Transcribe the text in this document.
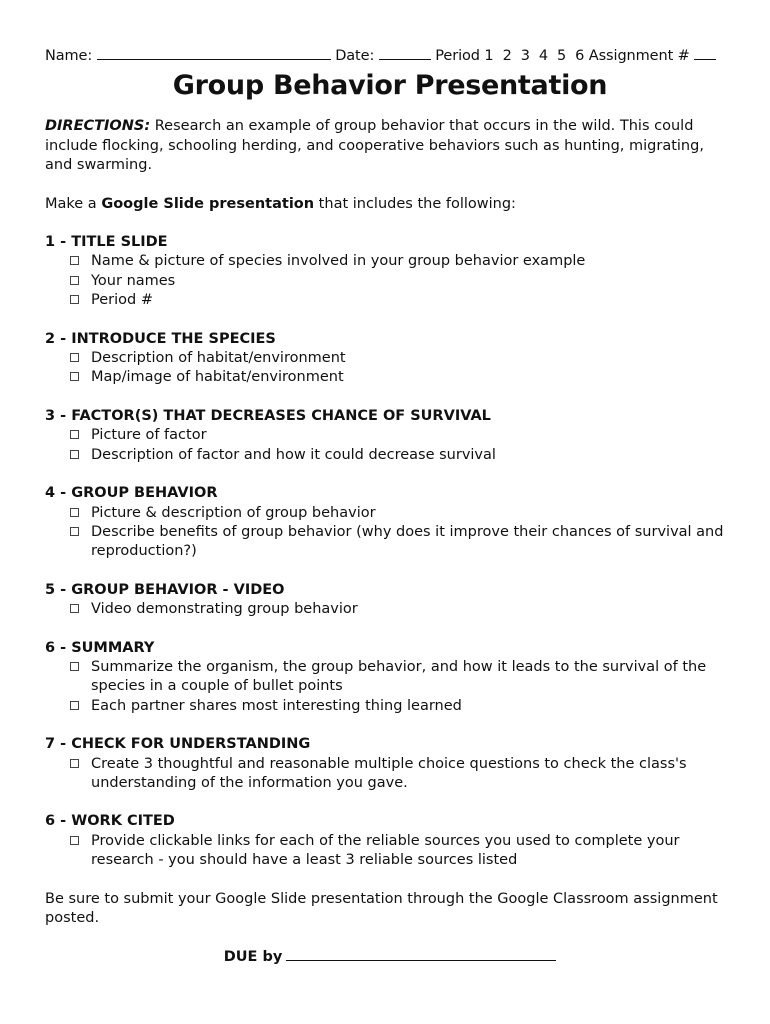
Name:	Date:	Period 1  2  3  4  5  6 Assignment #
Group Behavior Presentation

DIRECTIONS: Research an example of group behavior that occurs in the wild. This could include flocking, schooling herding, and cooperative behaviors such as hunting, migrating, and swarming.

Make a Google Slide presentation that includes the following:

1 - TITLE SLIDE
Name & picture of species involved in your group behavior example
Your names
Period #
2 - INTRODUCE THE SPECIES
Description of habitat/environment
Map/image of habitat/environment
3 - FACTOR(S) THAT DECREASES CHANCE OF SURVIVAL
Picture of factor
Description of factor and how it could decrease survival
4 - GROUP BEHAVIOR
Picture & description of group behavior
Describe benefits of group behavior (why does it improve their chances of survival and reproduction?)
5 - GROUP BEHAVIOR - VIDEO
Video demonstrating group behavior
6 - SUMMARY
Summarize the organism, the group behavior, and how it leads to the survival of the species in a couple of bullet points
Each partner shares most interesting thing learned
7 - CHECK FOR UNDERSTANDING
Create 3 thoughtful and reasonable multiple choice questions to check the class's understanding of the information you gave.
6 - WORK CITED
Provide clickable links for each of the reliable sources you used to complete your research - you should have a least 3 reliable sources listed

Be sure to submit your Google Slide presentation through the Google Classroom assignment posted.

DUE by
